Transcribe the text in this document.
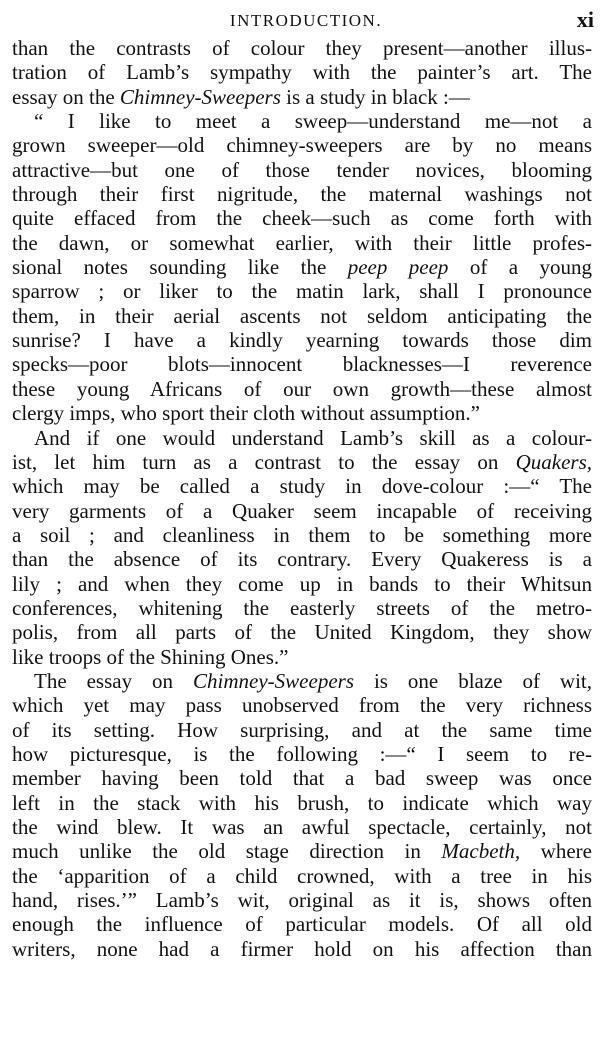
INTRODUCTION.	xi
than the contrasts of colour they present—another illus-
tration of Lamb’s sympathy with the painter’s art. The
essay on the Chimney-Sweepers is a study in black :—
“ I like to meet a sweep—understand me—not a
grown sweeper—old chimney-sweepers are by no means
attractive—but one of those tender novices, blooming
through their first nigritude, the maternal washings not
quite effaced from the cheek—such as come forth with
the dawn, or somewhat earlier, with their little profes-
sional notes sounding like the peep peep of a young
sparrow ; or liker to the matin lark, shall I pronounce
them, in their aerial ascents not seldom anticipating the
sunrise? I have a kindly yearning towards those dim
specks—poor blots—innocent blacknesses—I reverence
these young Africans of our own growth—these almost
clergy imps, who sport their cloth without assumption.”
And if one would understand Lamb’s skill as a colour-
ist, let him turn as a contrast to the essay on Quakers,
which may be called a study in dove-colour :—“ The
very garments of a Quaker seem incapable of receiving
a soil ; and cleanliness in them to be something more
than the absence of its contrary. Every Quakeress is a
lily ; and when they come up in bands to their Whitsun
conferences, whitening the easterly streets of the metro-
polis, from all parts of the United Kingdom, they show
like troops of the Shining Ones.”
The essay on Chimney-Sweepers is one blaze of wit,
which yet may pass unobserved from the very richness
of its setting. How surprising, and at the same time
how picturesque, is the following :—“ I seem to re-
member having been told that a bad sweep was once
left in the stack with his brush, to indicate which way
the wind blew. It was an awful spectacle, certainly, not
much unlike the old stage direction in Macbeth, where
the ‘apparition of a child crowned, with a tree in his
hand, rises.’” Lamb’s wit, original as it is, shows often
enough the influence of particular models. Of all old
writers, none had a firmer hold on his affection than
